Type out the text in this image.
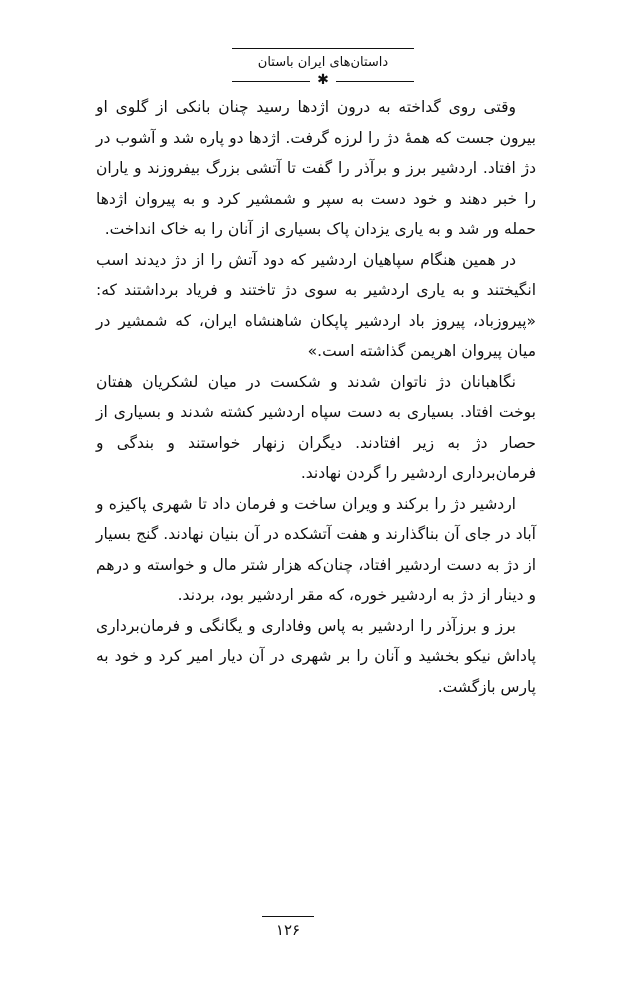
داستان‌های ایران باستان
✱

وقتی روی گداخته به درون اژدها رسید چنان بانکی از گلوی او بیرون جست که همهٔ دژ را لرزه گرفت. اژدها دو پاره شد و آشوب در دژ افتاد. اردشیر برز و برآذر را گفت تا آتشی بزرگ بیفروزند و یاران را خبر دهند و خود دست به سپر و شمشیر کرد و به پیروان اژدها حمله ور شد و به یاری یزدان پاک بسیاری از آنان را به خاک انداخت.

در همین هنگام سپاهیان اردشیر که دود آتش را از دژ دیدند اسب انگیختند و به یاری اردشیر به سوی دژ تاختند و فریاد برداشتند که: «پیروزباد، پیروز باد اردشیر پاپکان شاهنشاه ایران، که شمشیر در میان پیروان اهریمن گذاشته است.»

نگاهبانان دژ ناتوان شدند و شکست در میان لشکریان هفتان بوخت افتاد. بسیاری به دست سپاه اردشیر کشته شدند و بسیاری از حصار دژ به زیر افتادند. دیگران زنهار خواستند و بندگی و فرمان‌برداری اردشیر را گردن نهادند.

اردشیر دژ را برکند و ویران ساخت و فرمان داد تا شهری پاکیزه و آباد در جای آن بناگذارند و هفت آتشکده در آن بنیان نهادند. گنج بسیار از دژ به دست اردشیر افتاد، چنان‌که هزار شتر مال و خواسته و درهم و دینار از دژ به اردشیر خوره، که مقر اردشیر بود، بردند.

برز و برزآذر را اردشیر به پاس وفاداری و یگانگی و فرمان‌برداری پاداش نیکو بخشید و آنان را بر شهری در آن دیار امیر کرد و خود به پارس بازگشت.

۱۲۶
